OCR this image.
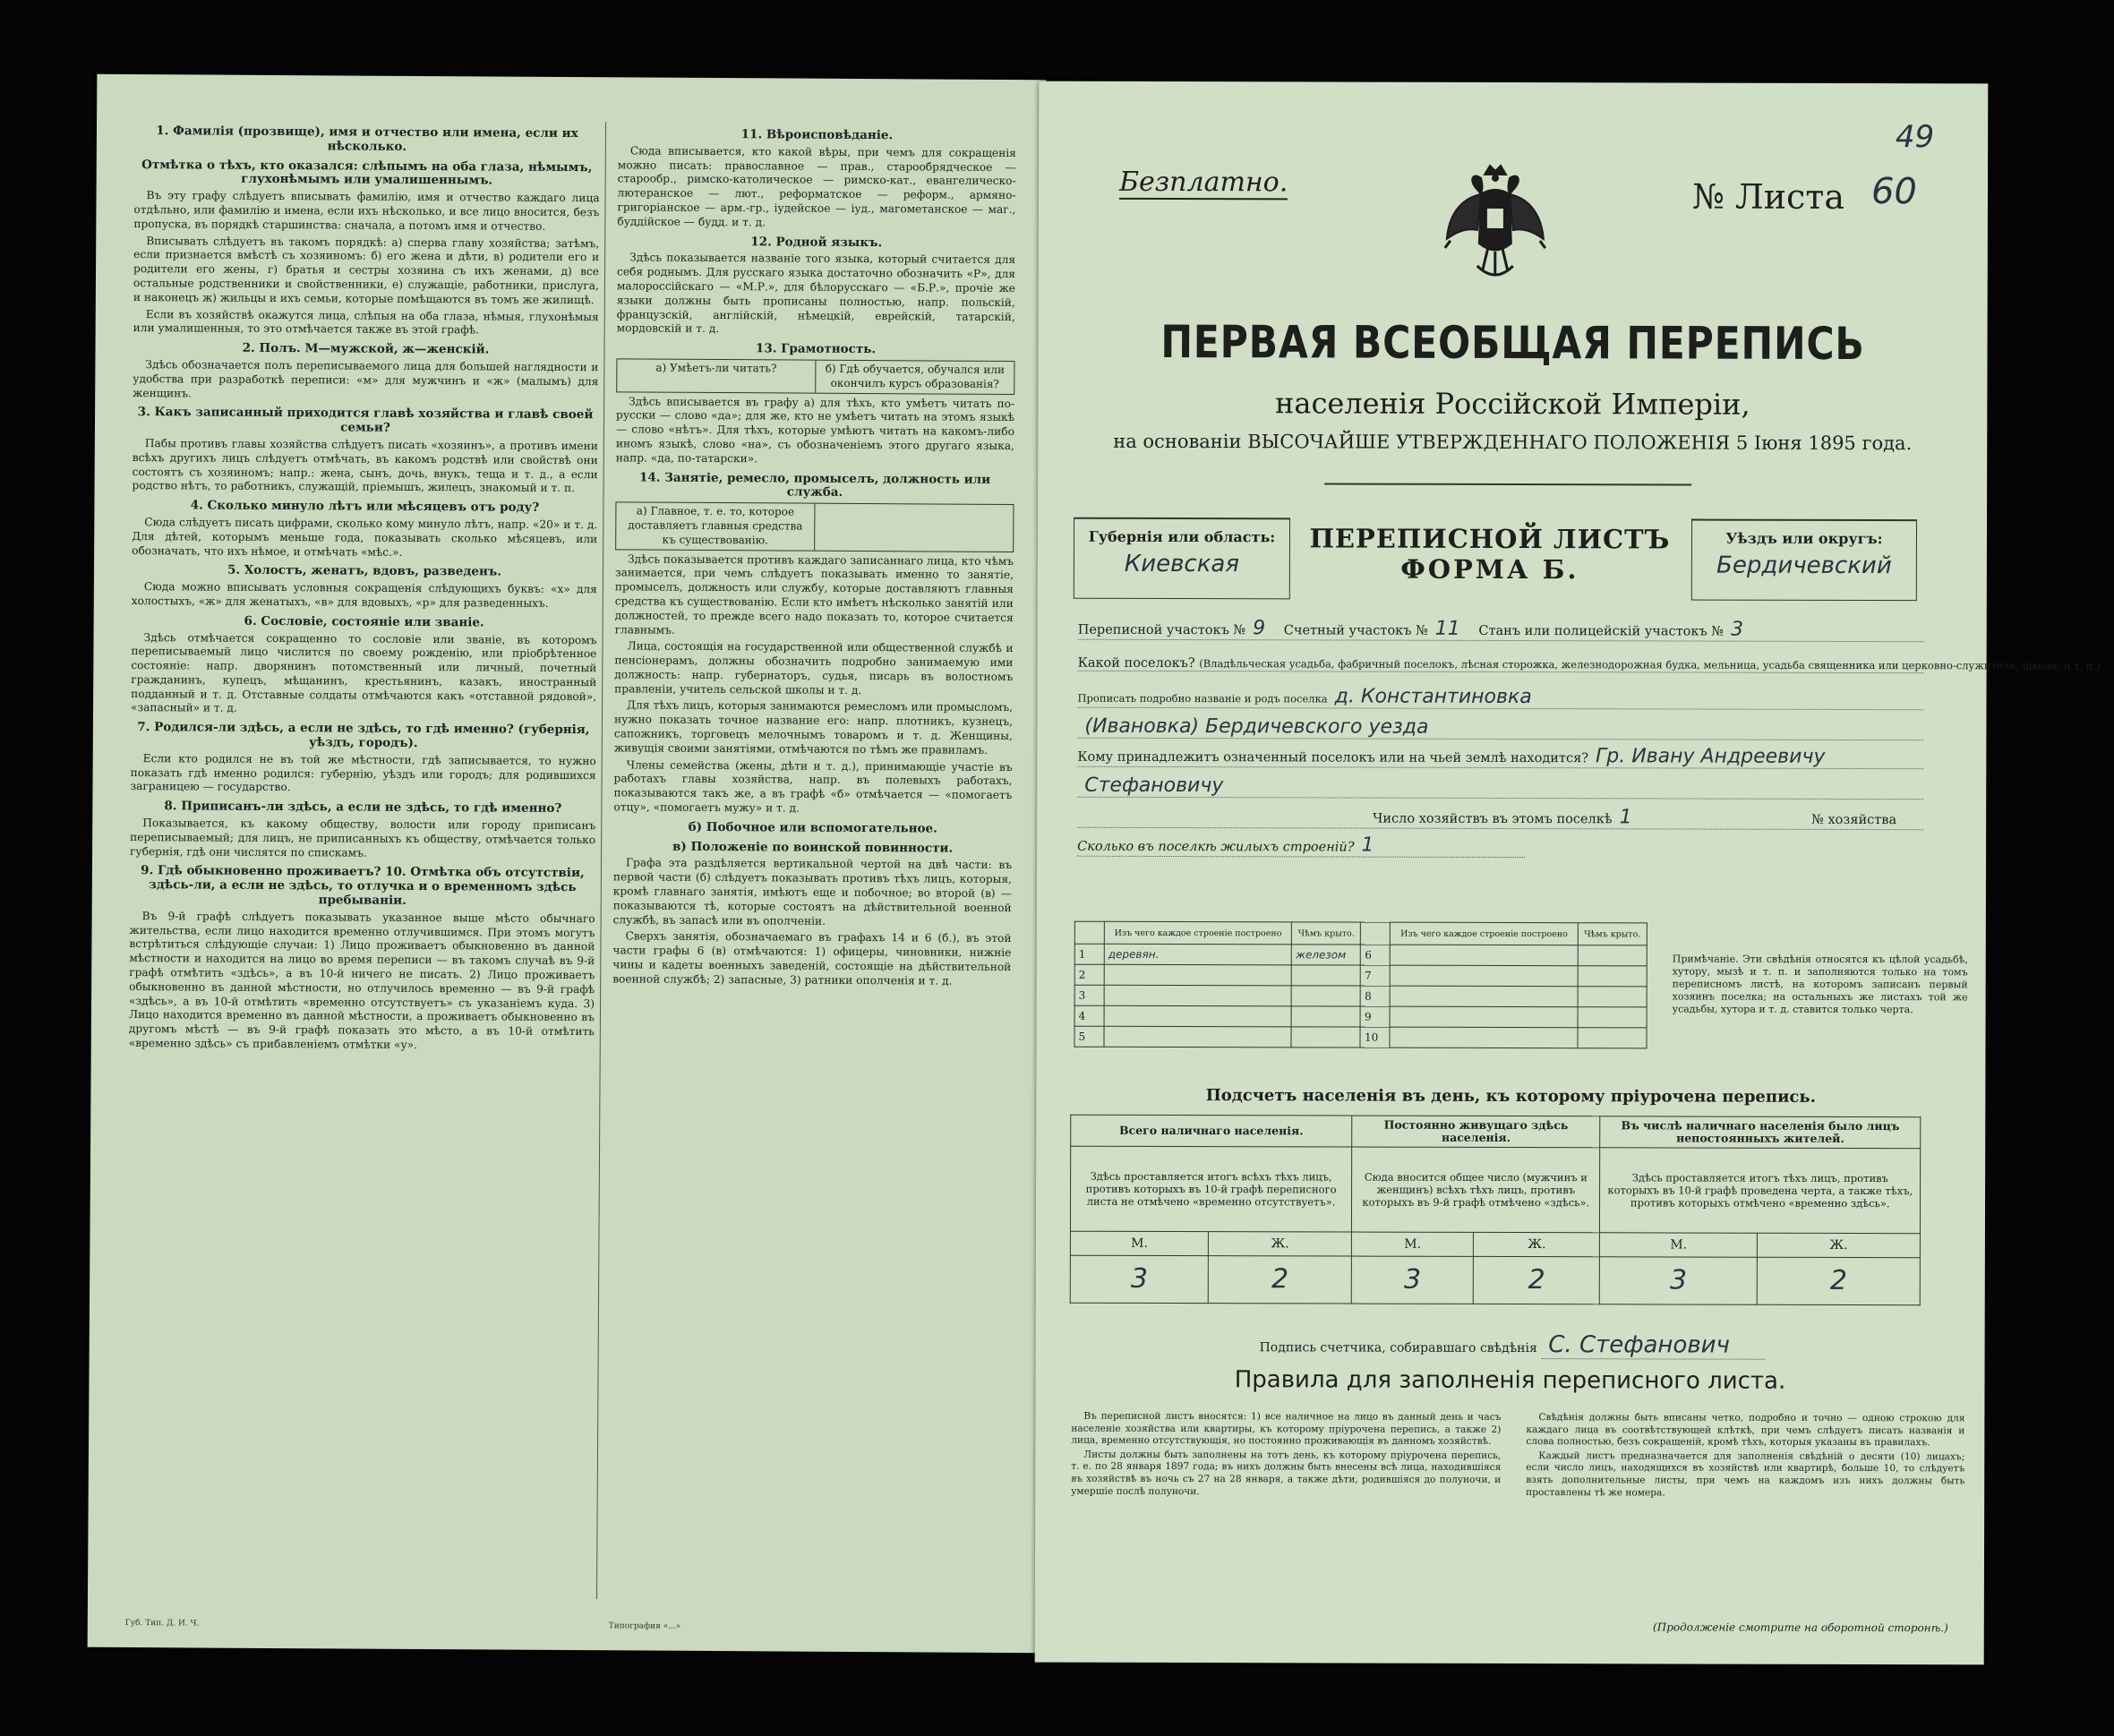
1. Фамилія (прозвище), имя и отчество или имена, если их нѣсколько.
Отмѣтка о тѣхъ, кто оказался: слѣпымъ на оба глаза, нѣмымъ, глухонѣмымъ или умалишеннымъ.

Въ эту графу слѣдуетъ вписывать фамилію, имя и отчество каждаго лица отдѣльно, или фамилію и имена, если ихъ нѣсколько, и все лицо вносится, безъ пропуска, въ порядкѣ старшинства: сначала, а потомъ имя и отчество.

Вписывать слѣдуетъ въ такомъ порядкѣ: а) сперва главу хозяйства; затѣмъ, если признается вмѣстѣ съ хозяиномъ: б) его жена и дѣти, в) родители его и родители его жены, г) братья и сестры хозяина съ ихъ женами, д) все остальные родственники и свойственники, е) служащіе, работники, прислуга, и наконецъ ж) жильцы и ихъ семьи, которые помѣщаются въ томъ же жилищѣ.

Если въ хозяйствѣ окажутся лица, слѣпыя на оба глаза, нѣмыя, глухонѣмыя или умалишенныя, то это отмѣчается также въ этой графѣ.

2. Полъ. М—мужской, ж—женскій.

Здѣсь обозначается полъ переписываемого лица для большей наглядности и удобства при разработкѣ переписи: «м» для мужчинъ и «ж» (малымъ) для женщинъ.

3. Какъ записанный приходится главѣ хозяйства и главѣ своей семьи?

Пабы противъ главы хозяйства слѣдуетъ писать «хозяинъ», а противъ имени всѣхъ другихъ лицъ слѣдуетъ отмѣчать, въ какомъ родствѣ или свойствѣ они состоятъ съ хозяиномъ; напр.: жена, сынъ, дочь, внукъ, теща и т. д., а если родство нѣтъ, то работникъ, служащій, пріемышъ, жилецъ, знакомый и т. п.

4. Сколько минуло лѣтъ или мѣсяцевъ отъ роду?

Сюда слѣдуетъ писать цифрами, сколько кому минуло лѣтъ, напр. «20» и т. д. Для дѣтей, которымъ меньше года, показывать сколько мѣсяцевъ, или обозначать, что ихъ нѣмое, и отмѣчать «мѣс.».

5. Холостъ, женатъ, вдовъ, разведенъ.

Сюда можно вписывать условныя сокращенія слѣдующихъ буквъ: «х» для холостыхъ, «ж» для женатыхъ, «в» для вдовыхъ, «р» для разведенныхъ.

6. Сословіе, состояніе или званіе.

Здѣсь отмѣчается сокращенно то сословіе или званіе, въ которомъ переписываемый лицо числится по своему рожденію, или пріобрѣтенное состояніе: напр. дворянинъ потомственный или личный, почетный гражданинъ, купецъ, мѣщанинъ, крестьянинъ, казакъ, иностранный подданный и т. д. Отставные солдаты отмѣчаются какъ «отставной рядовой», «запасный» и т. д.

7. Родился-ли здѣсь, а если не здѣсь, то гдѣ именно? (губернія, уѣздъ, городъ).

Если кто родился не въ той же мѣстности, гдѣ записывается, то нужно показать гдѣ именно родился: губернію, уѣздъ или городъ; для родившихся заграницею — государство.

8. Приписанъ-ли здѣсь, а если не здѣсь, то гдѣ именно?

Показывается, къ какому обществу, волости или городу приписанъ переписываемый; для лицъ, не приписанныхъ къ обществу, отмѣчается только губернія, гдѣ они числятся по спискамъ.

9. Гдѣ обыкновенно проживаетъ? 10. Отмѣтка объ отсутствіи, здѣсь-ли, а если не здѣсь, то отлучка и о временномъ здѣсь пребываніи.

Въ 9-й графѣ слѣдуетъ показывать указанное выше мѣсто обычнаго жительства, если лицо находится временно отлучившимся. При этомъ могутъ встрѣтиться слѣдующіе случаи: 1) Лицо проживаетъ обыкновенно въ данной мѣстности и находится на лицо во время переписи — въ такомъ случаѣ въ 9-й графѣ отмѣтить «здѣсь», а въ 10-й ничего не писать. 2) Лицо проживаетъ обыкновенно въ данной мѣстности, но отлучилось временно — въ 9-й графѣ «здѣсь», а въ 10-й отмѣтить «временно отсутствуетъ» съ указаніемъ куда. 3) Лицо находится временно въ данной мѣстности, а проживаетъ обыкновенно въ другомъ мѣстѣ — въ 9-й графѣ показать это мѣсто, а въ 10-й отмѣтить «временно здѣсь» съ прибавленіемъ отмѣтки «у».

11. Вѣроисповѣданіе.

Сюда вписывается, кто какой вѣры, при чемъ для сокращенія можно писать: православное — прав., старообрядческое — старообр., римско-католическое — римско-кат., евангелическо-лютеранское — лют., реформатское — реформ., армяно-григоріанское — арм.-гр., іудейское — іуд., магометанское — маг., буддійское — будд. и т. д.

12. Родной языкъ.

Здѣсь показывается названіе того языка, который считается для себя роднымъ. Для русскаго языка достаточно обозначить «Р», для малороссійскаго — «М.Р.», для бѣлорусскаго — «Б.Р.», прочіе же языки должны быть прописаны полностью, напр. польскій, французскій, англійскій, нѣмецкій, еврейскій, татарскій, мордовскій и т. д.

13. Грамотность.
а) Умѣетъ-ли читать?	б) Гдѣ обучается, обучался или окончилъ курсъ образованія?

Здѣсь вписывается въ графу а) для тѣхъ, кто умѣетъ читать по-русски — слово «да»; для же, кто не умѣетъ читать на этомъ языкѣ — слово «нѣтъ». Для тѣхъ, которые умѣютъ читать на какомъ-либо иномъ языкѣ, слово «на», съ обозначеніемъ этого другаго языка, напр. «да, по-татарски».

14. Занятіе, ремесло, промыселъ, должность или служба.
а) Главное, т. е. то, которое доставляетъ главныя средства къ существованію.

Здѣсь показывается противъ каждаго записаннаго лица, кто чѣмъ занимается, при чемъ слѣдуетъ показывать именно то занятіе, промыселъ, должность или службу, которые доставляютъ главныя средства къ существованію. Если кто имѣетъ нѣсколько занятій или должностей, то прежде всего надо показать то, которое считается главнымъ.

Лица, состоящія на государственной или общественной службѣ и пенсіонерамъ, должны обозначить подробно занимаемую ими должность: напр. губернаторъ, судья, писарь въ волостномъ правленіи, учитель сельской школы и т. д.

Для тѣхъ лицъ, которыя занимаются ремесломъ или промысломъ, нужно показать точное название его: напр. плотникъ, кузнецъ, сапожникъ, торговецъ мелочнымъ товаромъ и т. д. Женщины, живущія своими занятіями, отмѣчаются по тѣмъ же правиламъ.

Члены семейства (жены, дѣти и т. д.), принимающіе участіе въ работахъ главы хозяйства, напр. въ полевыхъ работахъ, показываются такъ же, а въ графѣ «б» отмѣчается — «помогаетъ отцу», «помогаетъ мужу» и т. д.

б) Побочное или вспомогательное.
в) Положеніе по воинской повинности.

Графа эта раздѣляется вертикальной чертой на двѣ части: въ первой части (б) слѣдуетъ показывать противъ тѣхъ лицъ, которыя, кромѣ главнаго занятія, имѣютъ еще и побочное; во второй (в) — показываются тѣ, которые состоятъ на дѣйствительной военной службѣ, въ запасѣ или въ ополченіи.

Сверхъ занятія, обозначаемаго въ графахъ 14 и 6 (б.), въ этой части графы 6 (в) отмѣчаются: 1) офицеры, чиновники, нижніе чины и кадеты военныхъ заведеній, состоящіе на дѣйствительной военной службѣ; 2) запасные, 3) ратники ополченія и т. д.

Губ. Тип. Д. И. Ч.	Типография «...»
49
Безплатно.	№ Листа 60
ПЕРВАЯ ВСЕОБЩАЯ ПЕРЕПИСЬ
населенія Россійской Имперіи,
на основаніи ВЫСОЧАЙШЕ УТВЕРЖДЕННАГО ПОЛОЖЕНІЯ 5 Іюня 1895 года.
Губернія или область:
Киевская
ПЕРЕПИСНОЙ ЛИСТЪ
ФОРМА Б.
Уѣздъ или округъ:
Бердичевский
Переписной участокъ № 9 Счетный участокъ № 11 Станъ или полицейскій участокъ № 3
Какой поселокъ? (Владѣльческая усадьба, фабричный поселокъ, лѣсная сторожка, железнодорожная будка, мельница, усадьба священника или церковно-служителя, школа, и т. п.)
Прописать подробно названіе и родъ поселка д. Константиновка
(Ивановка) Бердичевского уезда
Кому принадлежитъ означенный поселокъ или на чьей землѣ находится? Гр. Ивану Андреевичу
Стефановичу
Число хозяйствъ въ этомъ поселкѣ 1	№ хозяйства
Сколько въ поселкѣ жилыхъ строеній? 1
	Изъ чего каждое строеніе построено	Чѣмъ крыто.		Изъ чего каждое строеніе построено	Чѣмъ крыто.
1	деревян.	железом	6		
2			7		
3			8		
4			9		
5			10		
Примѣчаніе. Эти свѣдѣнія относятся къ цѣлой усадьбѣ, хутору, мызѣ и т. п. и заполняются только на томъ переписномъ листѣ, на которомъ записанъ первый хозяинъ поселка; на остальныхъ же листахъ той же усадьбы, хутора и т. д. ставится только черта.
Подсчетъ населенія въ день, къ которому пріурочена перепись.
Всего наличнаго населенія.		Постоянно живущаго здѣсь населенія.		Въ числѣ наличнаго населенія было лицъ непостоянныхъ жителей.	
Здѣсь проставляется итогъ всѣхъ тѣхъ лицъ, противъ которыхъ въ 10-й графѣ переписного листа не отмѣчено «временно отсутствуетъ».		Сюда вносится общее число (мужчинъ и женщинъ) всѣхъ тѣхъ лицъ, противъ которыхъ въ 9-й графѣ отмѣчено «здѣсь».		Здѣсь проставляется итогъ тѣхъ лицъ, противъ которыхъ въ 10-й графѣ проведена черта, а также тѣхъ, противъ которыхъ отмѣчено «временно здѣсь».	
М.	Ж.	М.	Ж.	М.	Ж.
3	2	3	2	3	2
Подпись счетчика, собиравшаго свѣдѣнія С. Стефанович
Правила для заполненія переписного листа.

Въ переписной листъ вносятся: 1) все наличное на лицо въ данный день и часъ населеніе хозяйства или квартиры, къ которому пріурочена перепись, а также 2) лица, временно отсутствующія, но постоянно проживающія въ данномъ хозяйствѣ.

Листы должны быть заполнены на тотъ день, къ которому пріурочена перепись, т. е. по 28 января 1897 года; въ нихъ должны быть внесены всѣ лица, находившіяся въ хозяйствѣ въ ночь съ 27 на 28 января, а также дѣти, родившіяся до полуночи, и умершіе послѣ полуночи.

Свѣдѣнія должны быть вписаны четко, подробно и точно — одною строкою для каждаго лица въ соотвѣтствующей клѣткѣ, при чемъ слѣдуетъ писать названія и слова полностью, безъ сокращеній, кромѣ тѣхъ, которыя указаны въ правилахъ.

Каждый листъ предназначается для заполненія свѣдѣній о десяти (10) лицахъ; если число лицъ, находящихся въ хозяйствѣ или квартирѣ, больше 10, то слѣдуетъ взять дополнительные листы, при чемъ на каждомъ изъ нихъ должны быть проставлены тѣ же номера.

(Продолженіе смотрите на оборотной сторонѣ.)
